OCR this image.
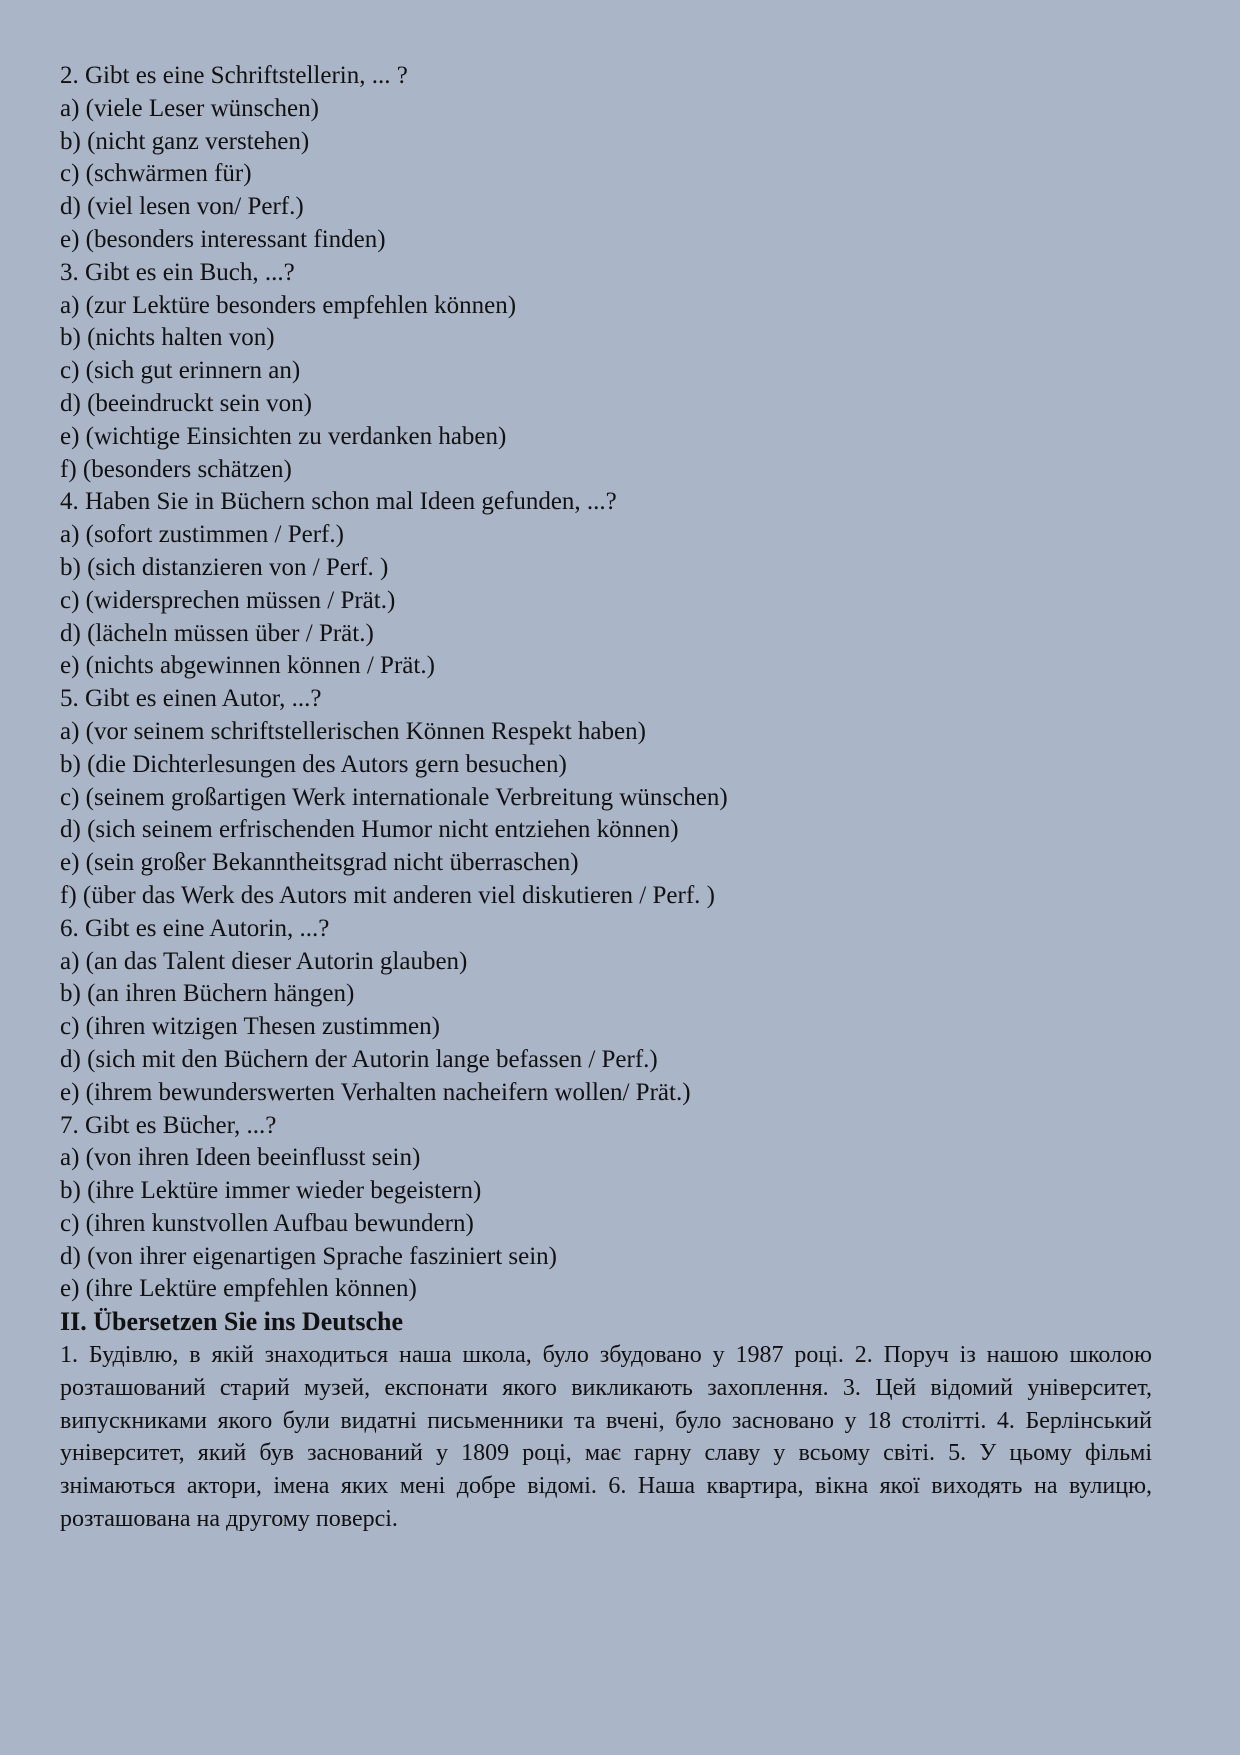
2. Gibt es eine Schriftstellerin, ... ?
a) (viele Leser wünschen)
b) (nicht ganz verstehen)
c) (schwärmen für)
d) (viel lesen von/ Perf.)
e) (besonders interessant finden)
3. Gibt es ein Buch, ...?
a) (zur Lektüre besonders empfehlen können)
b) (nichts halten von)
c) (sich gut erinnern an)
d) (beeindruckt sein von)
e) (wichtige Einsichten zu verdanken haben)
f) (besonders schätzen)
4. Haben Sie in Büchern schon mal Ideen gefunden, ...?
a) (sofort zustimmen / Perf.)
b) (sich distanzieren von / Perf. )
c) (widersprechen müssen / Prät.)
d) (lächeln müssen über / Prät.)
e) (nichts abgewinnen können / Prät.)
5. Gibt es einen Autor, ...?
a) (vor seinem schriftstellerischen Können Respekt haben)
b) (die Dichterlesungen des Autors gern besuchen)
c) (seinem großartigen Werk internationale Verbreitung wünschen)
d) (sich seinem erfrischenden Humor nicht entziehen können)
e) (sein großer Bekanntheitsgrad nicht überraschen)
f) (über das Werk des Autors mit anderen viel diskutieren / Perf. )
6. Gibt es eine Autorin, ...?
a) (an das Talent dieser Autorin glauben)
b) (an ihren Büchern hängen)
c) (ihren witzigen Thesen zustimmen)
d) (sich mit den Büchern der Autorin lange befassen / Perf.)
e) (ihrem bewunderswerten Verhalten nacheifern wollen/ Prät.)
7. Gibt es Bücher, ...?
a) (von ihren Ideen beeinflusst sein)
b) (ihre Lektüre immer wieder begeistern)
c) (ihren kunstvollen Aufbau bewundern)
d) (von ihrer eigenartigen Sprache fasziniert sein)
e) (ihre Lektüre empfehlen können)
II. Übersetzen Sie ins Deutsche

1. Будівлю, в якій знаходиться наша школа, було збудовано у 1987 році. 2. Поруч із нашою школою розташований старий музей, експонати якого викликають захоплення. 3. Цей відомий університет, випускниками якого були видатні письменники та вчені, було засновано у 18 столітті. 4. Берлінський університет, який був заснований у 1809 році, має гарну славу у всьому світі. 5. У цьому фільмі знімаються актори, імена яких мені добре відомі. 6. Наша квартира, вікна якої виходять на вулицю, розташована на другому поверсі.
